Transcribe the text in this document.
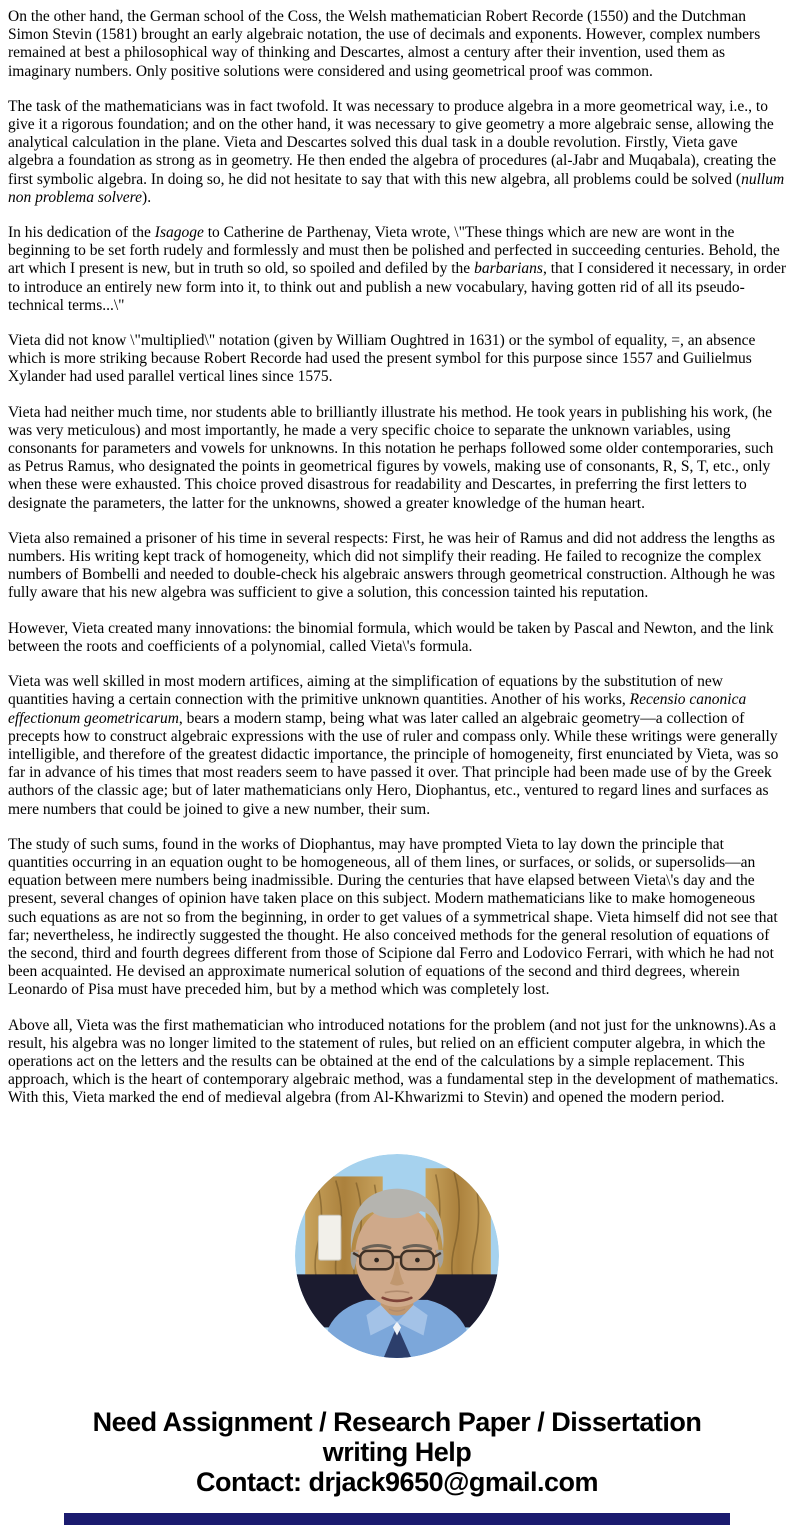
On the other hand, the German school of the Coss, the Welsh mathematician Robert Recorde (1550) and the Dutchman Simon Stevin (1581) brought an early algebraic notation, the use of decimals and exponents. However, complex numbers remained at best a philosophical way of thinking and Descartes, almost a century after their invention, used them as imaginary numbers. Only positive solutions were considered and using geometrical proof was common.

The task of the mathematicians was in fact twofold. It was necessary to produce algebra in a more geometrical way, i.e., to give it a rigorous foundation; and on the other hand, it was necessary to give geometry a more algebraic sense, allowing the analytical calculation in the plane. Vieta and Descartes solved this dual task in a double revolution. Firstly, Vieta gave algebra a foundation as strong as in geometry. He then ended the algebra of procedures (al-Jabr and Muqabala), creating the first symbolic algebra. In doing so, he did not hesitate to say that with this new algebra, all problems could be solved (nullum non problema solvere).

In his dedication of the Isagoge to Catherine de Parthenay, Vieta wrote, \"These things which are new are wont in the beginning to be set forth rudely and formlessly and must then be polished and perfected in succeeding centuries. Behold, the art which I present is new, but in truth so old, so spoiled and defiled by the barbarians, that I considered it necessary, in order to introduce an entirely new form into it, to think out and publish a new vocabulary, having gotten rid of all its pseudo-technical terms...\"

Vieta did not know \"multiplied\" notation (given by William Oughtred in 1631) or the symbol of equality, =, an absence which is more striking because Robert Recorde had used the present symbol for this purpose since 1557 and Guilielmus Xylander had used parallel vertical lines since 1575.

Vieta had neither much time, nor students able to brilliantly illustrate his method. He took years in publishing his work, (he was very meticulous) and most importantly, he made a very specific choice to separate the unknown variables, using consonants for parameters and vowels for unknowns. In this notation he perhaps followed some older contemporaries, such as Petrus Ramus, who designated the points in geometrical figures by vowels, making use of consonants, R, S, T, etc., only when these were exhausted. This choice proved disastrous for readability and Descartes, in preferring the first letters to designate the parameters, the latter for the unknowns, showed a greater knowledge of the human heart.

Vieta also remained a prisoner of his time in several respects: First, he was heir of Ramus and did not address the lengths as numbers. His writing kept track of homogeneity, which did not simplify their reading. He failed to recognize the complex numbers of Bombelli and needed to double-check his algebraic answers through geometrical construction. Although he was fully aware that his new algebra was sufficient to give a solution, this concession tainted his reputation.

However, Vieta created many innovations: the binomial formula, which would be taken by Pascal and Newton, and the link between the roots and coefficients of a polynomial, called Vieta\'s formula.

Vieta was well skilled in most modern artifices, aiming at the simplification of equations by the substitution of new quantities having a certain connection with the primitive unknown quantities. Another of his works, Recensio canonica effectionum geometricarum, bears a modern stamp, being what was later called an algebraic geometry—a collection of precepts how to construct algebraic expressions with the use of ruler and compass only. While these writings were generally intelligible, and therefore of the greatest didactic importance, the principle of homogeneity, first enunciated by Vieta, was so far in advance of his times that most readers seem to have passed it over. That principle had been made use of by the Greek authors of the classic age; but of later mathematicians only Hero, Diophantus, etc., ventured to regard lines and surfaces as mere numbers that could be joined to give a new number, their sum.

The study of such sums, found in the works of Diophantus, may have prompted Vieta to lay down the principle that quantities occurring in an equation ought to be homogeneous, all of them lines, or surfaces, or solids, or supersolids—an equation between mere numbers being inadmissible. During the centuries that have elapsed between Vieta\'s day and the present, several changes of opinion have taken place on this subject. Modern mathematicians like to make homogeneous such equations as are not so from the beginning, in order to get values of a symmetrical shape. Vieta himself did not see that far; nevertheless, he indirectly suggested the thought. He also conceived methods for the general resolution of equations of the second, third and fourth degrees different from those of Scipione dal Ferro and Lodovico Ferrari, with which he had not been acquainted. He devised an approximate numerical solution of equations of the second and third degrees, wherein Leonardo of Pisa must have preceded him, but by a method which was completely lost.

Above all, Vieta was the first mathematician who introduced notations for the problem (and not just for the unknowns).As a result, his algebra was no longer limited to the statement of rules, but relied on an efficient computer algebra, in which the operations act on the letters and the results can be obtained at the end of the calculations by a simple replacement. This approach, which is the heart of contemporary algebraic method, was a fundamental step in the development of mathematics. With this, Vieta marked the end of medieval algebra (from Al-Khwarizmi to Stevin) and opened the modern period.

Need Assignment / Research Paper / Dissertation
writing Help
Contact: drjack9650@gmail.com
